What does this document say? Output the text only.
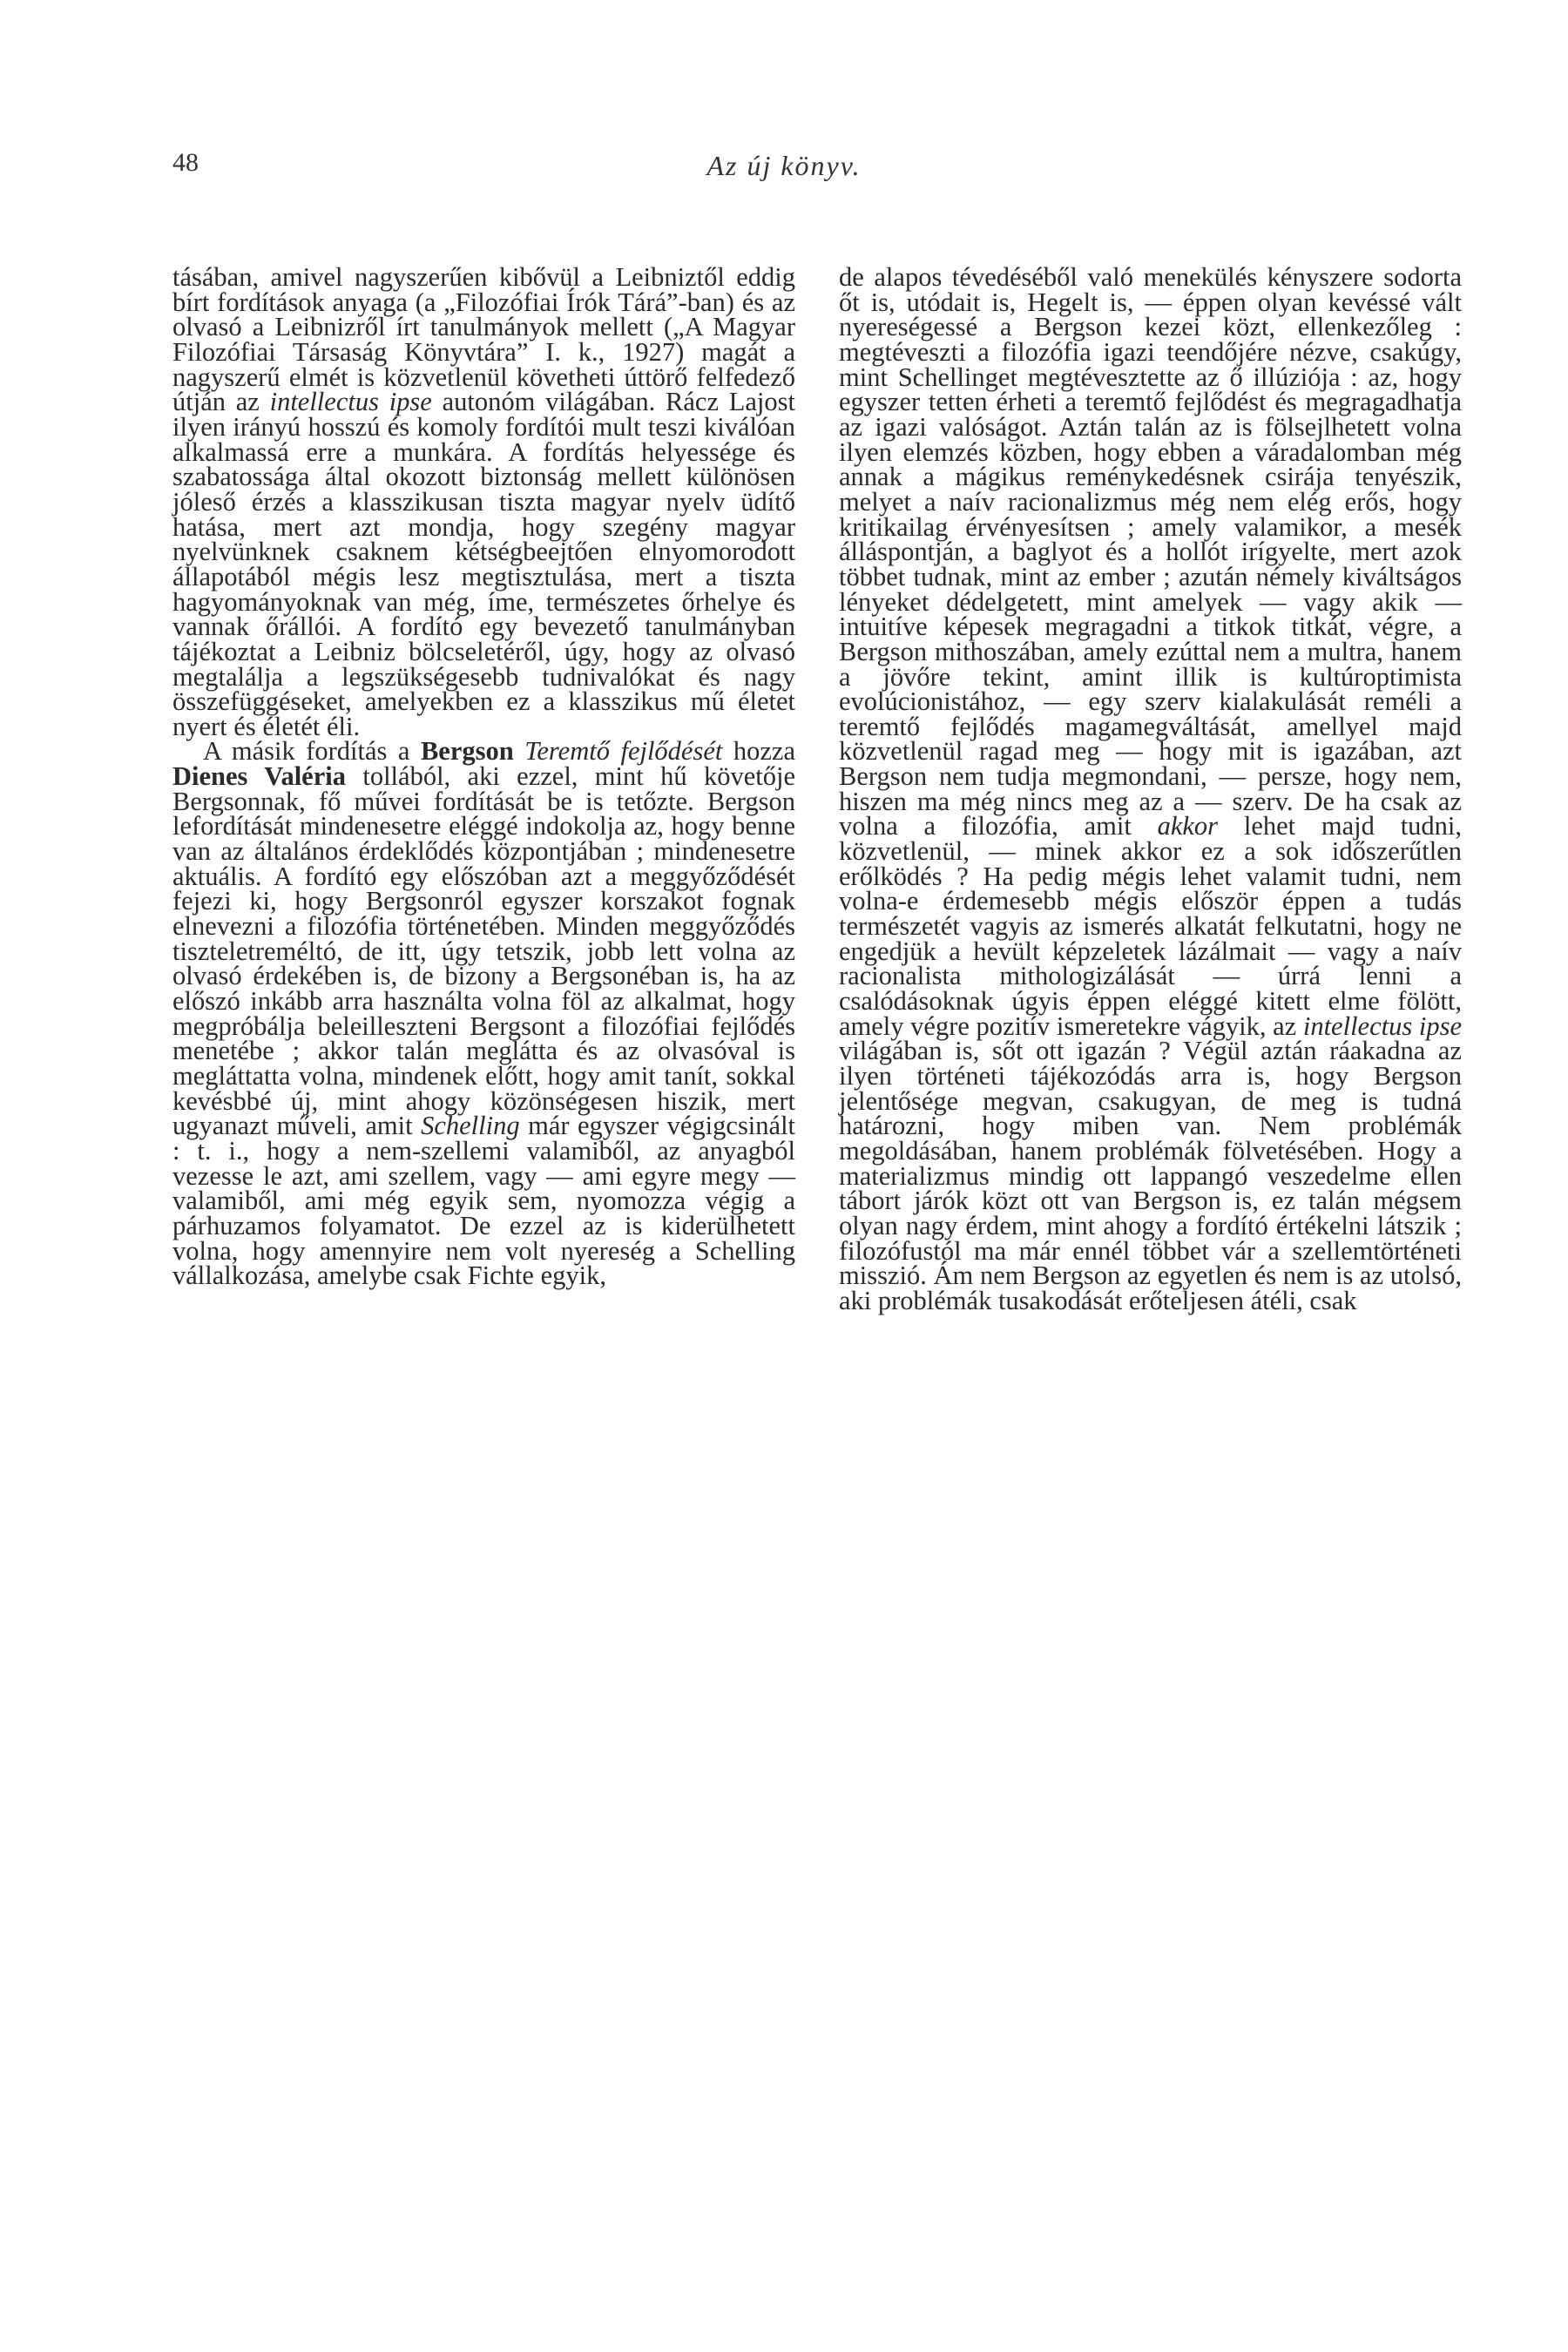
48	Az új könyv.

tásában, amivel nagyszerűen kibővül a Leibniztől eddig bírt fordítások anyaga (a „Filozófiai Írók Tárá”-ban) és az olvasó a Leibnizről írt tanulmányok mellett („A Magyar Filozófiai Társaság Könyvtára” I. k., 1927) magát a nagyszerű elmét is közvetlenül követheti úttörő felfedező útján az intellectus ipse autonóm világában. Rácz Lajost ilyen irányú hosszú és komoly fordítói mult teszi kiválóan alkalmassá erre a munkára. A fordítás helyessége és szabatossága által okozott biztonság mellett különösen jóleső érzés a klasszikusan tiszta magyar nyelv üdítő hatása, mert azt mondja, hogy szegény magyar nyelvünknek csaknem kétségbeejtően elnyomorodott állapotából mégis lesz megtisztulása, mert a tiszta hagyományoknak van még, íme, természetes őrhelye és vannak őrállói. A fordító egy bevezető tanulmányban tájékoztat a Leibniz bölcseletéről, úgy, hogy az olvasó megtalálja a legszükségesebb tudnivalókat és nagy összefüggéseket, amelyekben ez a klasszikus mű életet nyert és életét éli.

A másik fordítás a Bergson Teremtő fejlődését hozza Dienes Valéria tollából, aki ezzel, mint hű követője Bergsonnak, fő művei fordítását be is tetőzte. Bergson lefordítását mindenesetre eléggé indokolja az, hogy benne van az általános érdeklődés központjában ; mindenesetre aktuális. A fordító egy előszóban azt a meggyőződését fejezi ki, hogy Bergsonról egyszer korszakot fognak elnevezni a filozófia történetében. Minden meggyőződés tiszteletreméltó, de itt, úgy tetszik, jobb lett volna az olvasó érdekében is, de bizony a Bergsonéban is, ha az előszó inkább arra használta volna föl az alkalmat, hogy megpróbálja beleilleszteni Bergsont a filozófiai fejlődés menetébe ; akkor talán meglátta és az olvasóval is megláttatta volna, mindenek előtt, hogy amit tanít, sokkal kevésbbé új, mint ahogy közönségesen hiszik, mert ugyanazt műveli, amit Schelling már egyszer végigcsinált : t. i., hogy a nem-szellemi valamiből, az anyagból vezesse le azt, ami szellem, vagy — ami egyre megy — valamiből, ami még egyik sem, nyomozza végig a párhuzamos folyamatot. De ezzel az is kiderülhetett volna, hogy amennyire nem volt nyereség a Schelling vállalkozása, amelybe csak Fichte egyik,

de alapos tévedéséből való menekülés kényszere sodorta őt is, utódait is, Hegelt is, — éppen olyan kevéssé vált nyereségessé a Bergson kezei közt, ellenkezőleg : megtéveszti a filozófia igazi teendőjére nézve, csakúgy, mint Schellinget megtévesztette az ő illúziója : az, hogy egyszer tetten érheti a teremtő fejlődést és megragadhatja az igazi valóságot. Aztán talán az is fölsejlhetett volna ilyen elemzés közben, hogy ebben a váradalomban még annak a mágikus reménykedésnek csirája tenyészik, melyet a naív racionalizmus még nem elég erős, hogy kritikailag érvényesítsen ; amely valamikor, a mesék álláspontján, a baglyot és a hollót irígyelte, mert azok többet tudnak, mint az ember ; azután némely kiváltságos lényeket dédelgetett, mint amelyek — vagy akik — intuitíve képesek megragadni a titkok titkát, végre, a Bergson mithoszában, amely ezúttal nem a multra, hanem a jövőre tekint, amint illik is kultúroptimista evolúcionistához, — egy szerv kialakulását reméli a teremtő fejlődés magamegváltását, amellyel majd közvetlenül ragad meg — hogy mit is igazában, azt Bergson nem tudja megmondani, — persze, hogy nem, hiszen ma még nincs meg az a — szerv. De ha csak az volna a filozófia, amit akkor lehet majd tudni, közvetlenül, — minek akkor ez a sok időszerűtlen erőlködés ? Ha pedig mégis lehet valamit tudni, nem volna-e érdemesebb mégis először éppen a tudás természetét vagyis az ismerés alkatát felkutatni, hogy ne engedjük a hevült képzeletek lázálmait — vagy a naív racionalista mithologizálását — úrrá lenni a csalódásoknak úgyis éppen eléggé kitett elme fölött, amely végre pozitív ismeretekre vágyik, az intellectus ipse világában is, sőt ott igazán ? Végül aztán ráakadna az ilyen történeti tájékozódás arra is, hogy Bergson jelentősége megvan, csakugyan, de meg is tudná határozni, hogy miben van. Nem problémák megoldásában, hanem problémák fölvetésében. Hogy a materializmus mindig ott lappangó veszedelme ellen tábort járók közt ott van Bergson is, ez talán mégsem olyan nagy érdem, mint ahogy a fordító értékelni látszik ; filozófustól ma már ennél többet vár a szellemtörténeti misszió. Ám nem Bergson az egyetlen és nem is az utolsó, aki problémák tusakodását erőteljesen átéli, csak
